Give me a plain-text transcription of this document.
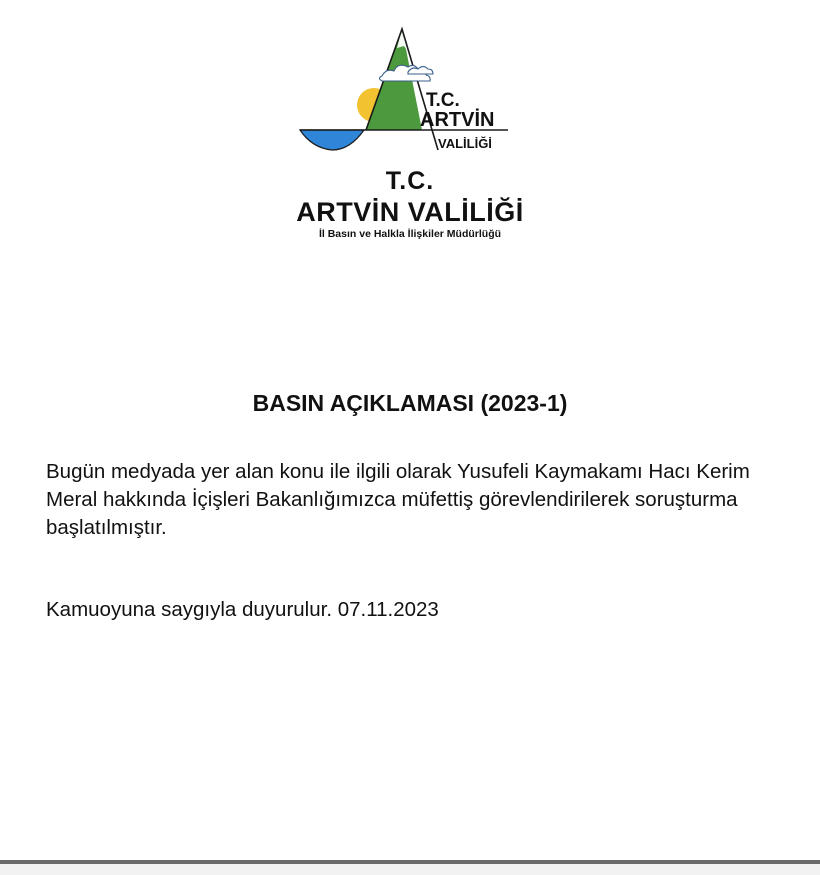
T.C.
ARTVİN
VALİLİĞİ
T.C.
ARTVİN VALİLİĞİ
İl Basın ve Halkla İlişkiler Müdürlüğü
BASIN AÇIKLAMASI (2023-1)
Bugün medyada yer alan konu ile ilgili olarak Yusufeli Kaymakamı Hacı Kerim Meral hakkında İçişleri Bakanlığımızca müfettiş görevlendirilerek soruşturma başlatılmıştır.
Kamuoyuna saygıyla duyurulur. 07.11.2023
